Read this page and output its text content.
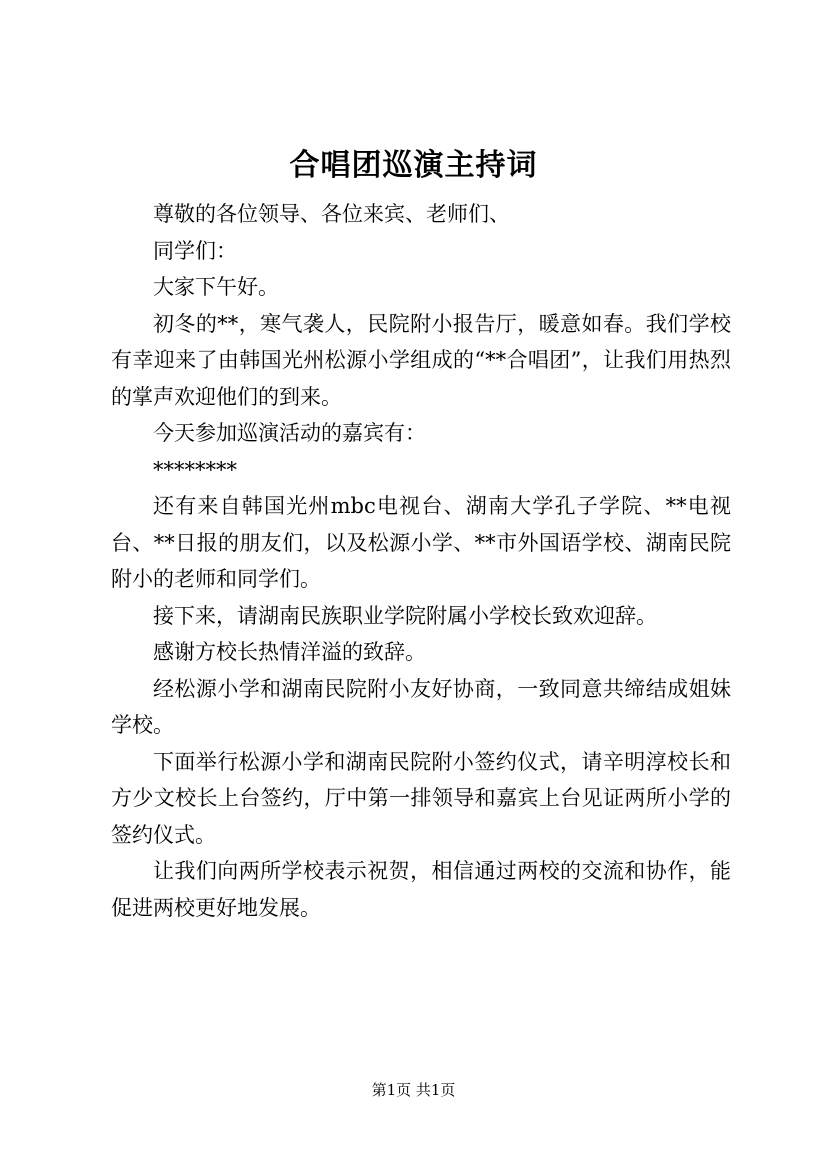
合唱团巡演主持词

尊敬的各位领导、各位来宾、老师们、

同学们：

大家下午好。

初冬的**，寒气袭人，民院附小报告厅，暖意如春。我们学校有幸迎来了由韩国光州松源小学组成的“**合唱团”，让我们用热烈的掌声欢迎他们的到来。

今天参加巡演活动的嘉宾有：

********

还有来自韩国光州mbc电视台、湖南大学孔子学院、**电视台、**日报的朋友们，以及松源小学、**市外国语学校、湖南民院附小的老师和同学们。

接下来，请湖南民族职业学院附属小学校长致欢迎辞。

感谢方校长热情洋溢的致辞。

经松源小学和湖南民院附小友好协商，一致同意共缔结成姐妹学校。

下面举行松源小学和湖南民院附小签约仪式，请辛明淳校长和方少文校长上台签约，厅中第一排领导和嘉宾上台见证两所小学的签约仪式。

让我们向两所学校表示祝贺，相信通过两校的交流和协作，能促进两校更好地发展。

第1页 共1页
